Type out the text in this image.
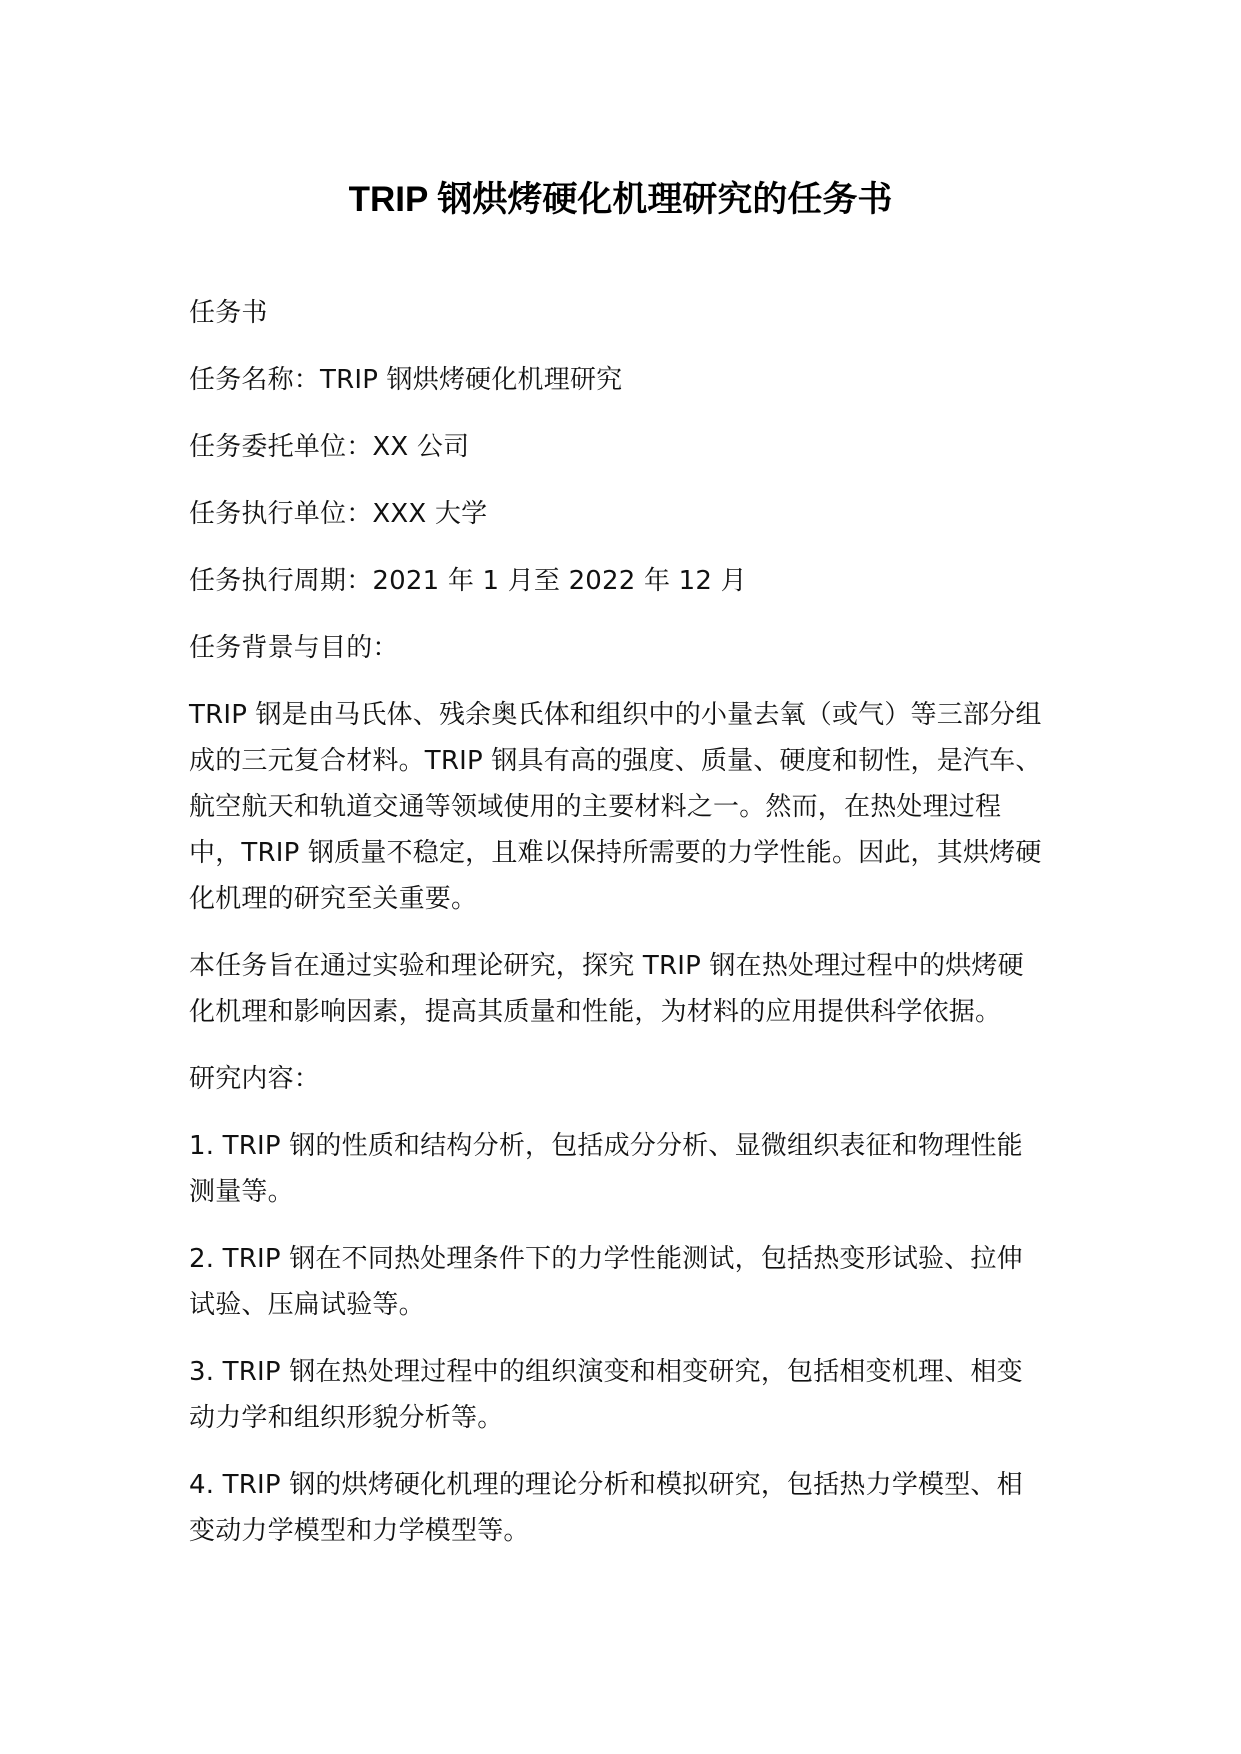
TRIP 钢烘烤硬化机理研究的任务书

任务书

任务名称：TRIP 钢烘烤硬化机理研究

任务委托单位：XX 公司

任务执行单位：XXX 大学

任务执行周期：2021 年 1 月至 2022 年 12 月

任务背景与目的：

TRIP 钢是由马氏体、残余奥氏体和组织中的小量去氧（或气）等三部分组成的三元复合材料。TRIP 钢具有高的强度、质量、硬度和韧性，是汽车、航空航天和轨道交通等领域使用的主要材料之一。然而，在热处理过程中，TRIP 钢质量不稳定，且难以保持所需要的力学性能。因此，其烘烤硬化机理的研究至关重要。

本任务旨在通过实验和理论研究，探究 TRIP 钢在热处理过程中的烘烤硬化机理和影响因素，提高其质量和性能，为材料的应用提供科学依据。

研究内容：

1. TRIP 钢的性质和结构分析，包括成分分析、显微组织表征和物理性能测量等。

2. TRIP 钢在不同热处理条件下的力学性能测试，包括热变形试验、拉伸试验、压扁试验等。

3. TRIP 钢在热处理过程中的组织演变和相变研究，包括相变机理、相变动力学和组织形貌分析等。

4. TRIP 钢的烘烤硬化机理的理论分析和模拟研究，包括热力学模型、相变动力学模型和力学模型等。
